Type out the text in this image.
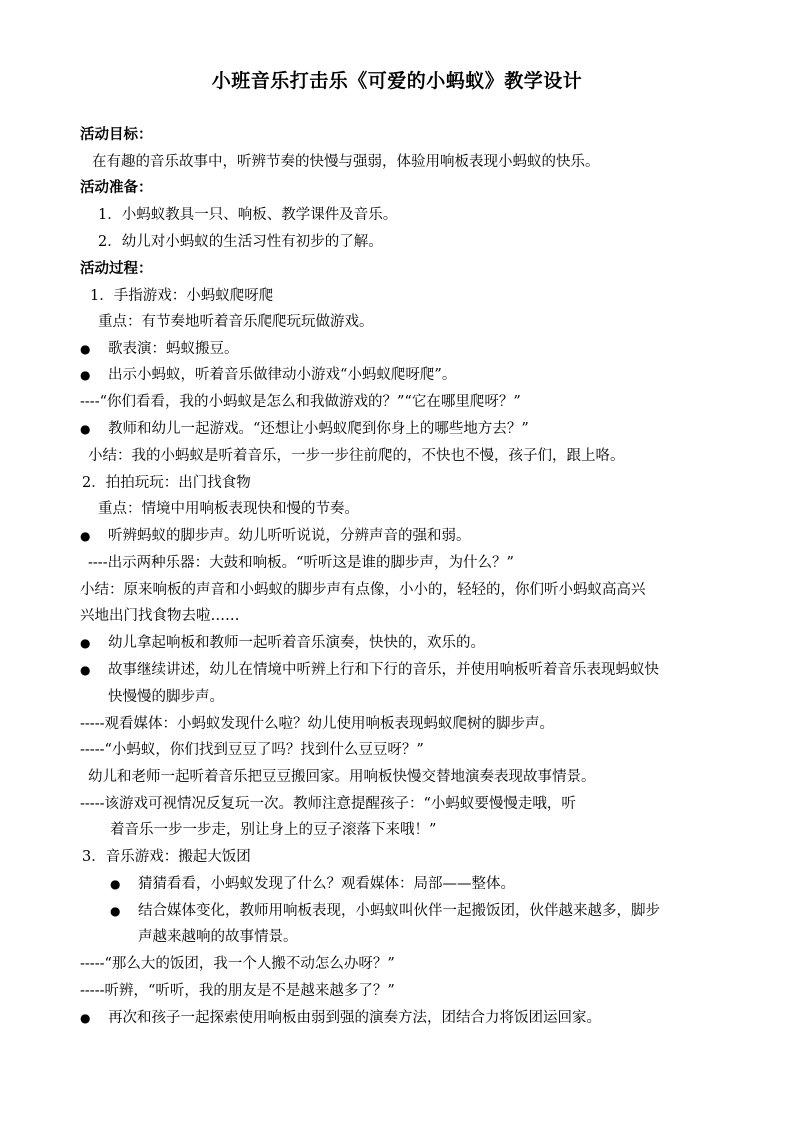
小班音乐打击乐《可爱的小蚂蚁》教学设计
活动目标：
在有趣的音乐故事中，听辨节奏的快慢与强弱，体验用响板表现小蚂蚁的快乐。
活动准备：
1．小蚂蚁教具一只、响板、教学课件及音乐。
2．幼儿对小蚂蚁的生活习性有初步的了解。
活动过程：
1．手指游戏：小蚂蚁爬呀爬
重点：有节奏地听着音乐爬爬玩玩做游戏。
● 歌表演：蚂蚁搬豆。
● 出示小蚂蚁，听着音乐做律动小游戏“小蚂蚁爬呀爬”。
----“你们看看，我的小蚂蚁是怎么和我做游戏的？”“它在哪里爬呀？”
● 教师和幼儿一起游戏。“还想让小蚂蚁爬到你身上的哪些地方去？”
小结：我的小蚂蚁是听着音乐，一步一步往前爬的，不快也不慢，孩子们，跟上咯。
2．拍拍玩玩：出门找食物
重点：情境中用响板表现快和慢的节奏。
● 听辨蚂蚁的脚步声。幼儿听听说说，分辨声音的强和弱。
----出示两种乐器：大鼓和响板。“听听这是谁的脚步声，为什么？”
小结：原来响板的声音和小蚂蚁的脚步声有点像，小小的，轻轻的，你们听小蚂蚁高高兴
兴地出门找食物去啦……
● 幼儿拿起响板和教师一起听着音乐演奏，快快的，欢乐的。
● 故事继续讲述，幼儿在情境中听辨上行和下行的音乐，并使用响板听着音乐表现蚂蚁快
快慢慢的脚步声。
-----观看媒体：小蚂蚁发现什么啦？幼儿使用响板表现蚂蚁爬树的脚步声。
-----“小蚂蚁，你们找到豆豆了吗？找到什么豆豆呀？”
幼儿和老师一起听着音乐把豆豆搬回家。用响板快慢交替地演奏表现故事情景。
-----该游戏可视情况反复玩一次。教师注意提醒孩子：“小蚂蚁要慢慢走哦，听
着音乐一步一步走，别让身上的豆子滚落下来哦！”
3．音乐游戏：搬起大饭团
● 猜猜看看，小蚂蚁发现了什么？观看媒体：局部——整体。
● 结合媒体变化，教师用响板表现，小蚂蚁叫伙伴一起搬饭团，伙伴越来越多，脚步
声越来越响的故事情景。
-----“那么大的饭团，我一个人搬不动怎么办呀？”
-----听辨，“听听，我的朋友是不是越来越多了？”
● 再次和孩子一起探索使用响板由弱到强的演奏方法，团结合力将饭团运回家。
